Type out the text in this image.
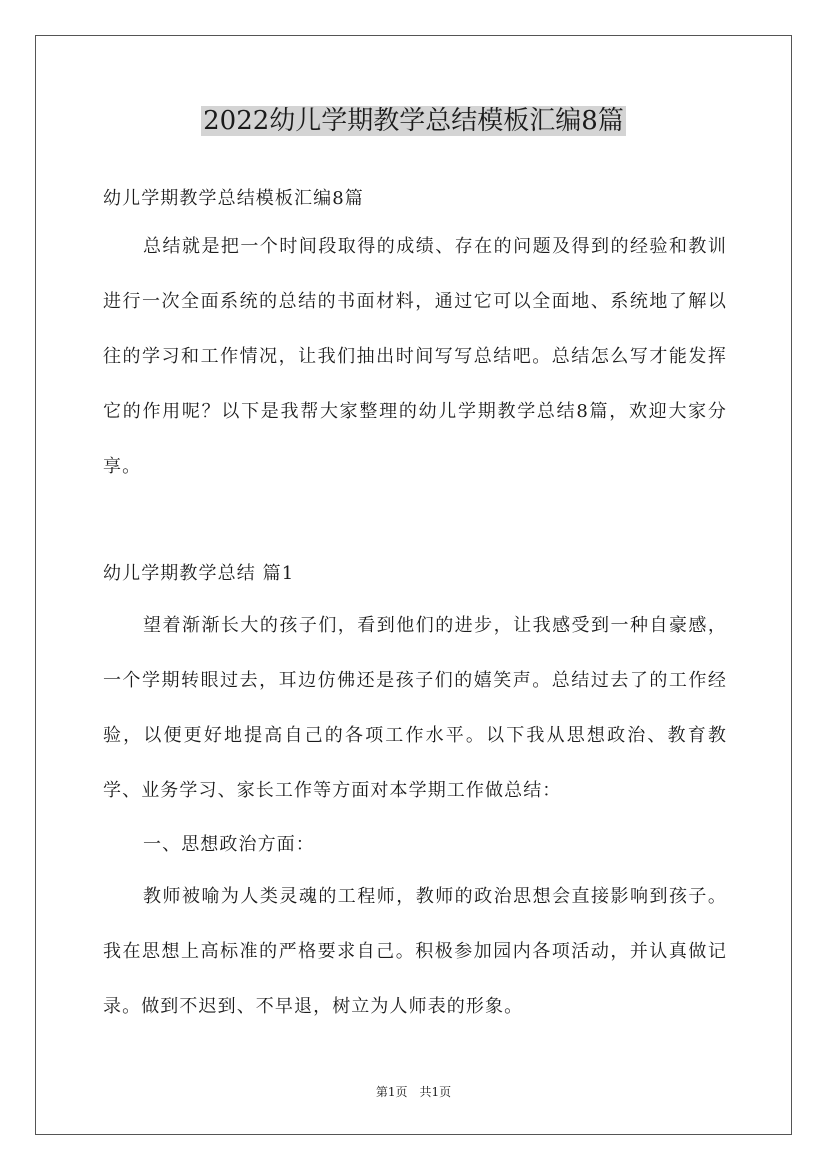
2022幼儿学期教学总结模板汇编8篇

幼儿学期教学总结模板汇编8篇

总结就是把一个时间段取得的成绩、存在的问题及得到的经验和教训进行一次全面系统的总结的书面材料，通过它可以全面地、系统地了解以往的学习和工作情况，让我们抽出时间写写总结吧。总结怎么写才能发挥它的作用呢？以下是我帮大家整理的幼儿学期教学总结8篇，欢迎大家分享。

幼儿学期教学总结 篇1

望着渐渐长大的孩子们，看到他们的进步，让我感受到一种自豪感，一个学期转眼过去，耳边仿佛还是孩子们的嬉笑声。总结过去了的工作经验，以便更好地提高自己的各项工作水平。以下我从思想政治、教育教学、业务学习、家长工作等方面对本学期工作做总结：

一、思想政治方面：

教师被喻为人类灵魂的工程师，教师的政治思想会直接影响到孩子。我在思想上高标准的严格要求自己。积极参加园内各项活动，并认真做记录。做到不迟到、不早退，树立为人师表的形象。

第1页　共1页
